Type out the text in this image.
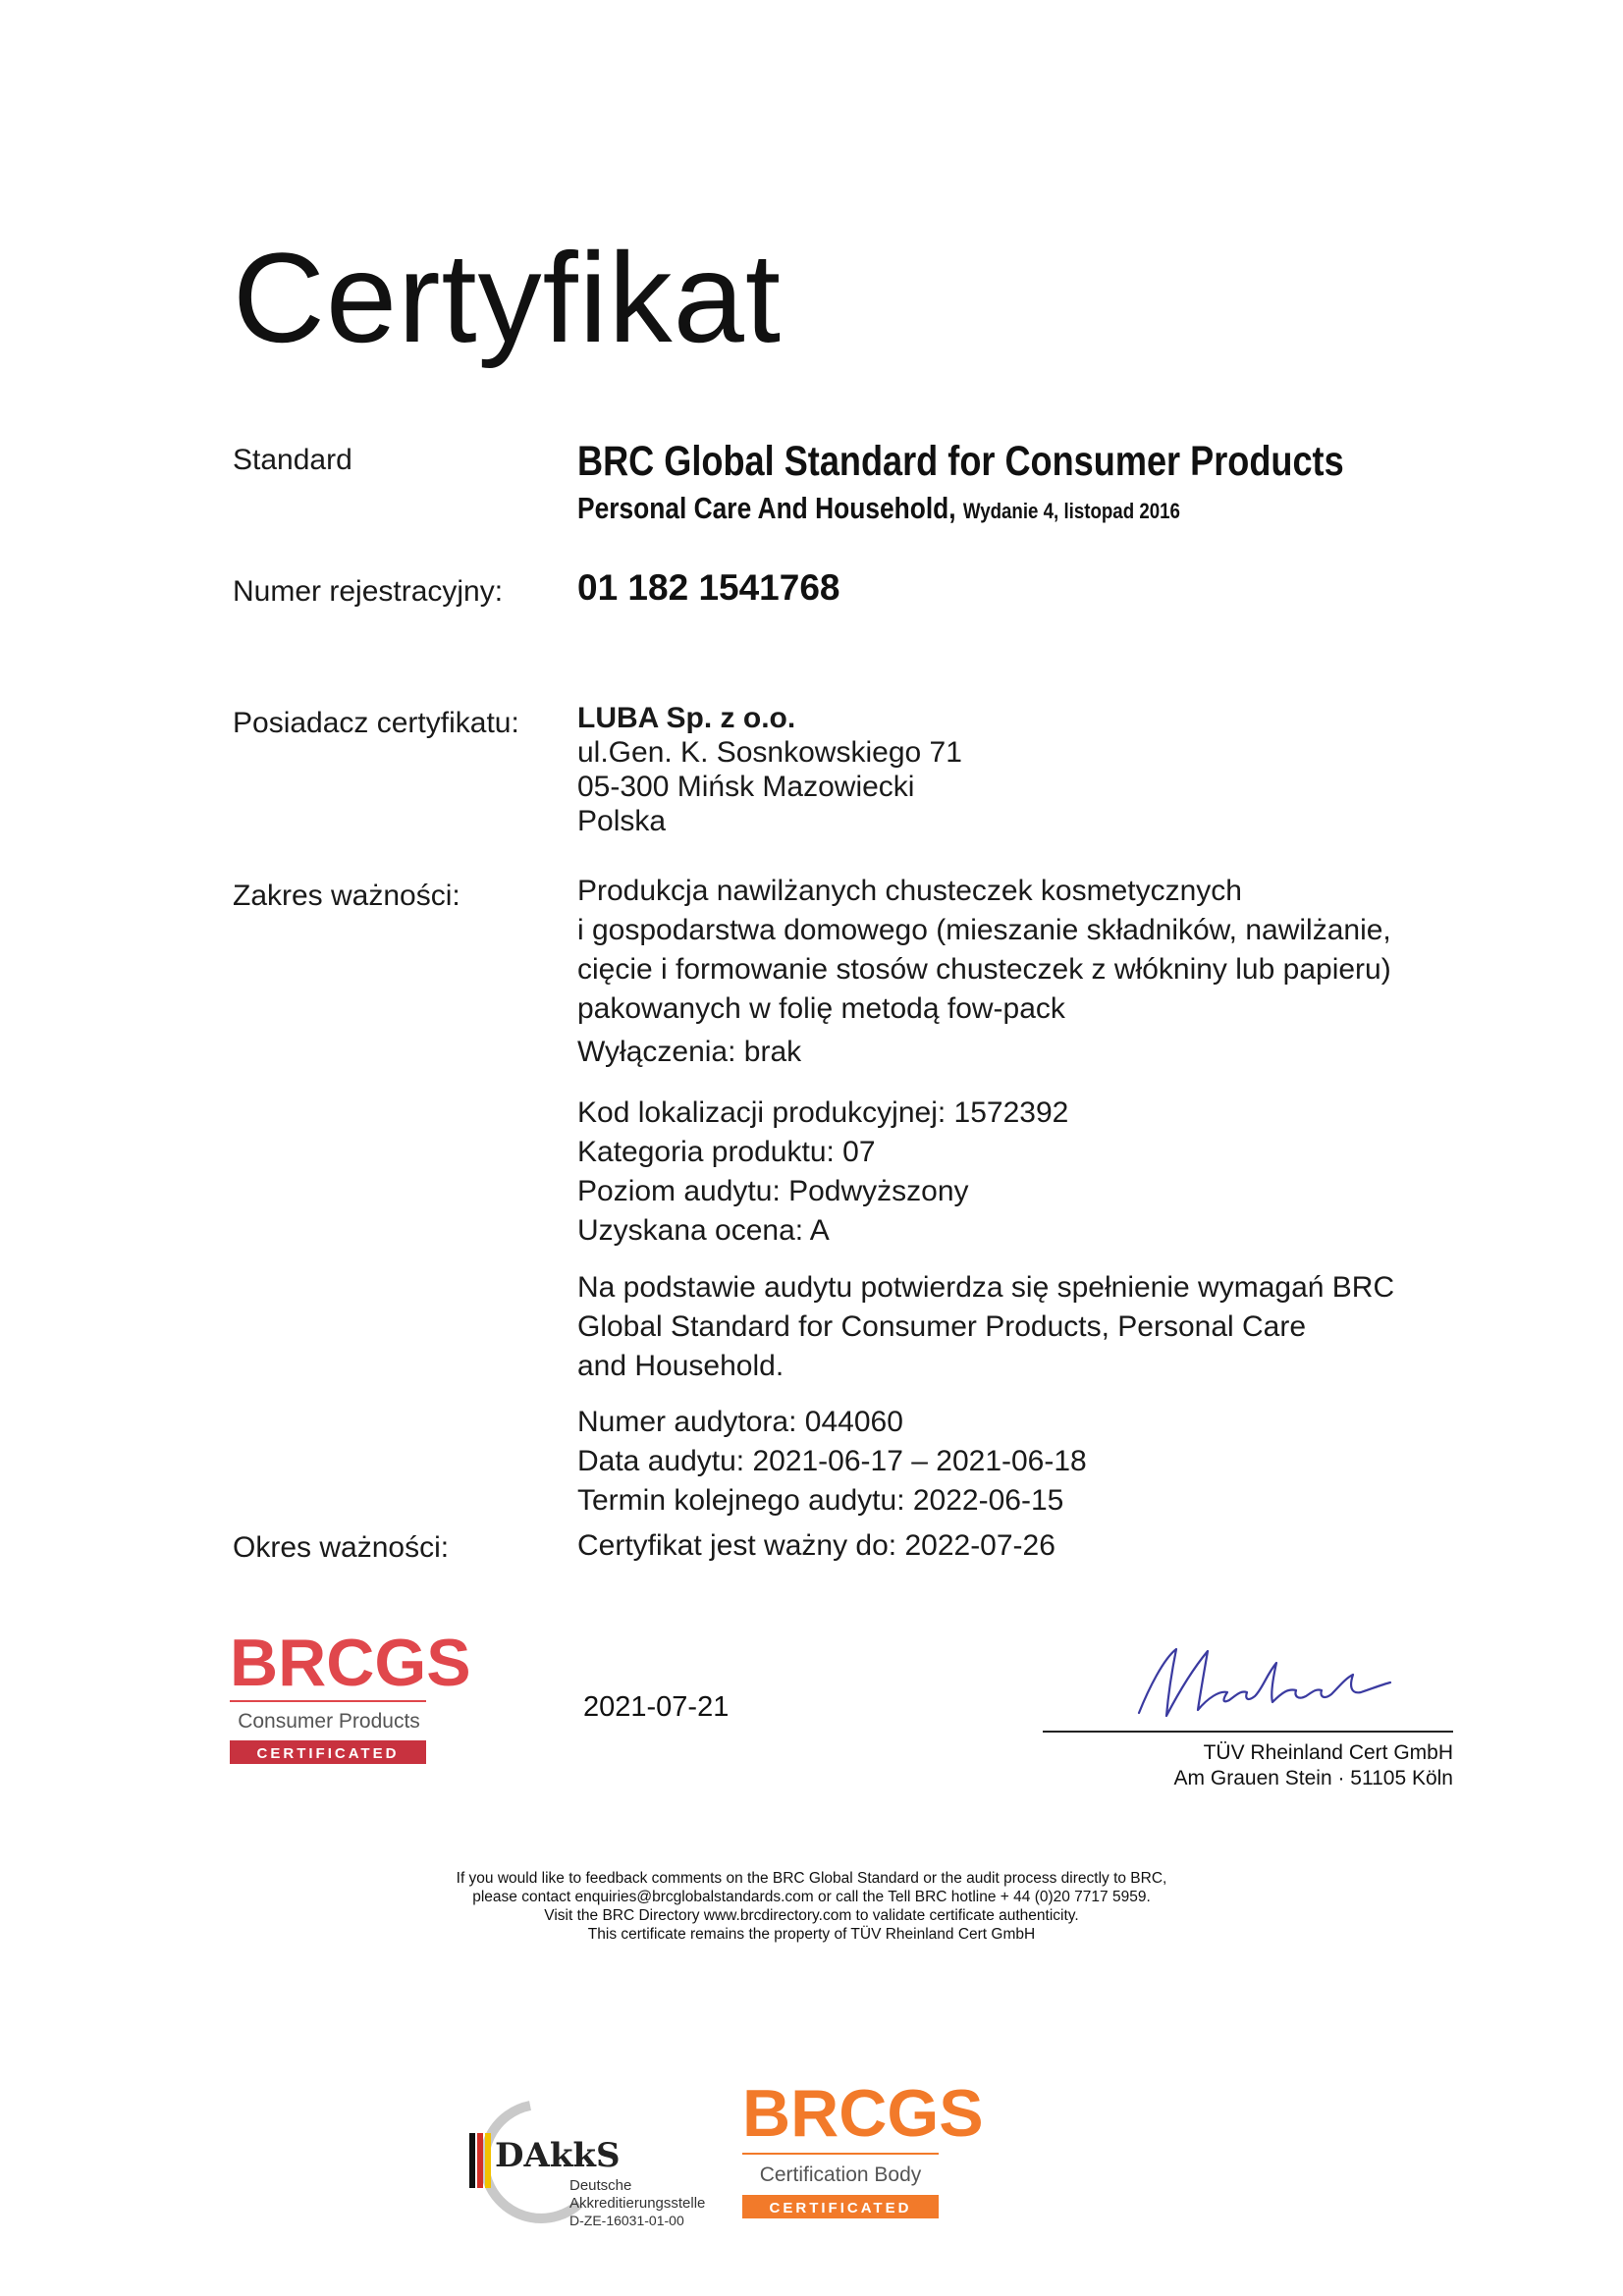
Certyfikat
Standard	BRC Global Standard for Consumer Products
Personal Care And Household, Wydanie 4, listopad 2016
Numer rejestracyjny: 01 182 1541768
Posiadacz certyfikatu: LUBA Sp. z o.o.
ul.Gen. K. Sosnkowskiego 71
05-300 Mińsk Mazowiecki
Polska
Zakres ważności:	Produkcja nawilżanych chusteczek kosmetycznych
i gospodarstwa domowego (mieszanie składników, nawilżanie,
cięcie i formowanie stosów chusteczek z włókniny lub papieru)
pakowanych w folię metodą fow-pack
Wyłączenia: brak
Kod lokalizacji produkcyjnej: 1572392
Kategoria produktu: 07
Poziom audytu: Podwyższony
Uzyskana ocena: A
Na podstawie audytu potwierdza się spełnienie wymagań BRC
Global Standard for Consumer Products, Personal Care
and Household.
Numer audytora: 044060
Data audytu: 2021-06-17 – 2021-06-18
Termin kolejnego audytu: 2022-06-15
Okres ważności:	Certyfikat jest ważny do: 2022-07-26
BRCGS
Consumer Products
CERTIFICATED
2021-07-21
TÜV Rheinland Cert GmbH
Am Grauen Stein · 51105 Köln
If you would like to feedback comments on the BRC Global Standard or the audit process directly to BRC,
please contact enquiries@brcglobalstandards.com or call the Tell BRC hotline + 44 (0)20 7717 5959.
Visit the BRC Directory www.brcdirectory.com to validate certificate authenticity.
This certificate remains the property of TÜV Rheinland Cert GmbH
DAkkS
Deutsche
Akkreditierungsstelle
D-ZE-16031-01-00
BRCGS
Certification Body
CERTIFICATED
